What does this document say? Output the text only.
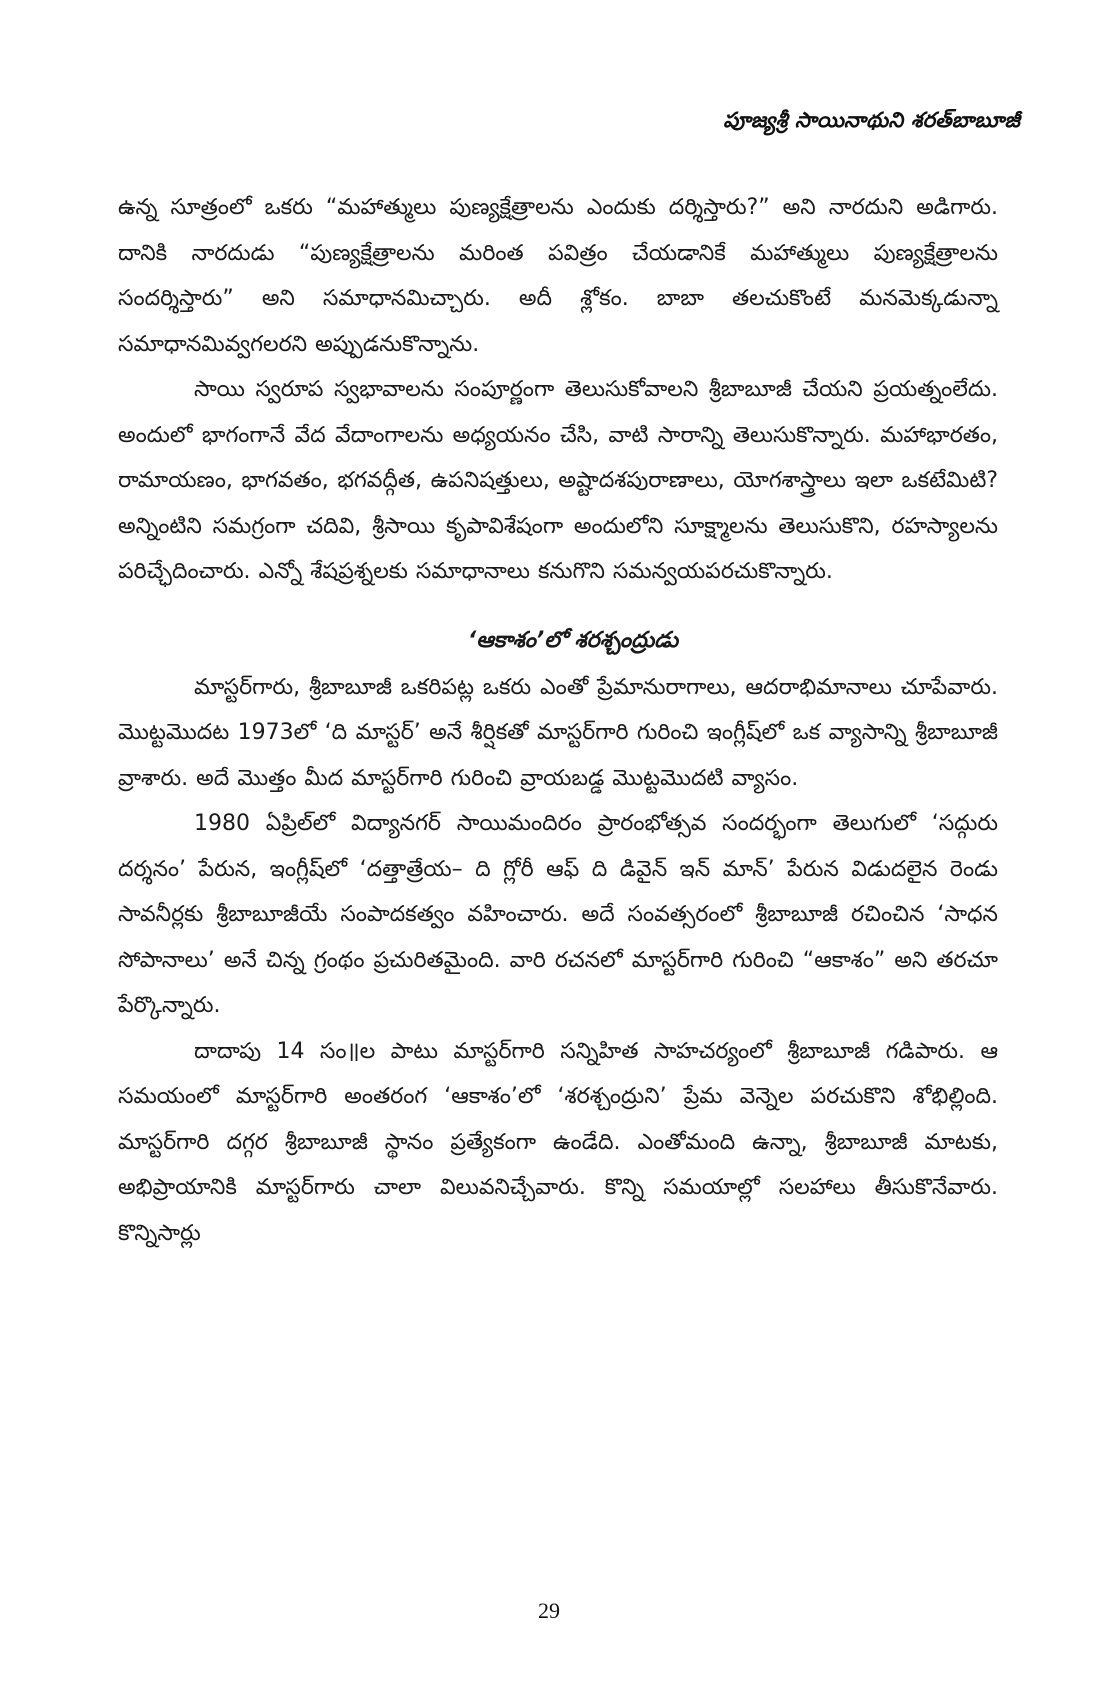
పూజ్యశ్రీ సాయినాథుని శరత్‌బాబూజీ

ఉన్న సూత్రంలో ఒకరు “మహాత్ములు పుణ్యక్షేత్రాలను ఎందుకు దర్శిస్తారు?” అని నారదుని అడిగారు. దానికి నారదుడు “పుణ్యక్షేత్రాలను మరింత పవిత్రం చేయడానికే మహాత్ములు పుణ్యక్షేత్రాలను సందర్శిస్తారు” అని సమాధానమిచ్చారు. అదీ శ్లోకం. బాబా తలచుకొంటే మనమెక్కడున్నా సమాధానమివ్వగలరని అప్పుడనుకొన్నాను.

సాయి స్వరూప స్వభావాలను సంపూర్ణంగా తెలుసుకోవాలని శ్రీబాబూజీ చేయని ప్రయత్నంలేదు. అందులో భాగంగానే వేద వేదాంగాలను అధ్యయనం చేసి, వాటి సారాన్ని తెలుసుకొన్నారు. మహాభారతం, రామాయణం, భాగవతం, భగవద్గీత, ఉపనిషత్తులు, అష్టాదశపురాణాలు, యోగశాస్త్రాలు ఇలా ఒకటేమిటి? అన్నింటిని సమగ్రంగా చదివి, శ్రీసాయి కృపావిశేషంగా అందులోని సూక్ష్మాలను తెలుసుకొని, రహస్యాలను పరిచ్ఛేదించారు. ఎన్నో శేషప్రశ్నలకు సమాధానాలు కనుగొని సమన్వయపరచుకొన్నారు.

‘ఆకాశం’లో శరశ్చంద్రుడు

మాస్టర్‌గారు, శ్రీబాబూజీ ఒకరిపట్ల ఒకరు ఎంతో ప్రేమానురాగాలు, ఆదరాభిమానాలు చూపేవారు. మొట్టమొదట 1973లో ‘ది మాస్టర్’ అనే శీర్షికతో మాస్టర్‌గారి గురించి ఇంగ్లీష్‌లో ఒక వ్యాసాన్ని శ్రీబాబూజీ వ్రాశారు. అదే మొత్తం మీద మాస్టర్‌గారి గురించి వ్రాయబడ్డ మొట్టమొదటి వ్యాసం.

1980 ఏప్రిల్‌లో విద్యానగర్ సాయిమందిరం ప్రారంభోత్సవ సందర్భంగా తెలుగులో ‘సద్గురు దర్శనం’ పేరున, ఇంగ్లీష్‌లో ‘దత్తాత్రేయ– ది గ్లోరీ ఆఫ్ ది డివైన్ ఇన్ మాన్’ పేరున విడుదలైన రెండు సావనీర్లకు శ్రీబాబూజీయే సంపాదకత్వం వహించారు. అదే సంవత్సరంలో శ్రీబాబూజీ రచించిన ‘సాధన సోపానాలు’ అనే చిన్న గ్రంథం ప్రచురితమైంది. వారి రచనలో మాస్టర్‌గారి గురించి “ఆకాశం” అని తరచూ పేర్కొన్నారు.

దాదాపు 14 సం॥ల పాటు మాస్టర్‌గారి సన్నిహిత సాహచర్యంలో శ్రీబాబూజీ గడిపారు. ఆ సమయంలో మాస్టర్‌గారి అంతరంగ ‘ఆకాశం’లో ‘శరశ్చంద్రుని’ ప్రేమ వెన్నెల పరచుకొని శోభిల్లింది. మాస్టర్‌గారి దగ్గర శ్రీబాబూజీ స్థానం ప్రత్యేకంగా ఉండేది. ఎంతోమంది ఉన్నా, శ్రీబాబూజీ మాటకు, అభిప్రాయానికి మాస్టర్‌గారు చాలా విలువనిచ్చేవారు. కొన్ని సమయాల్లో సలహాలు తీసుకొనేవారు. కొన్నిసార్లు

29
